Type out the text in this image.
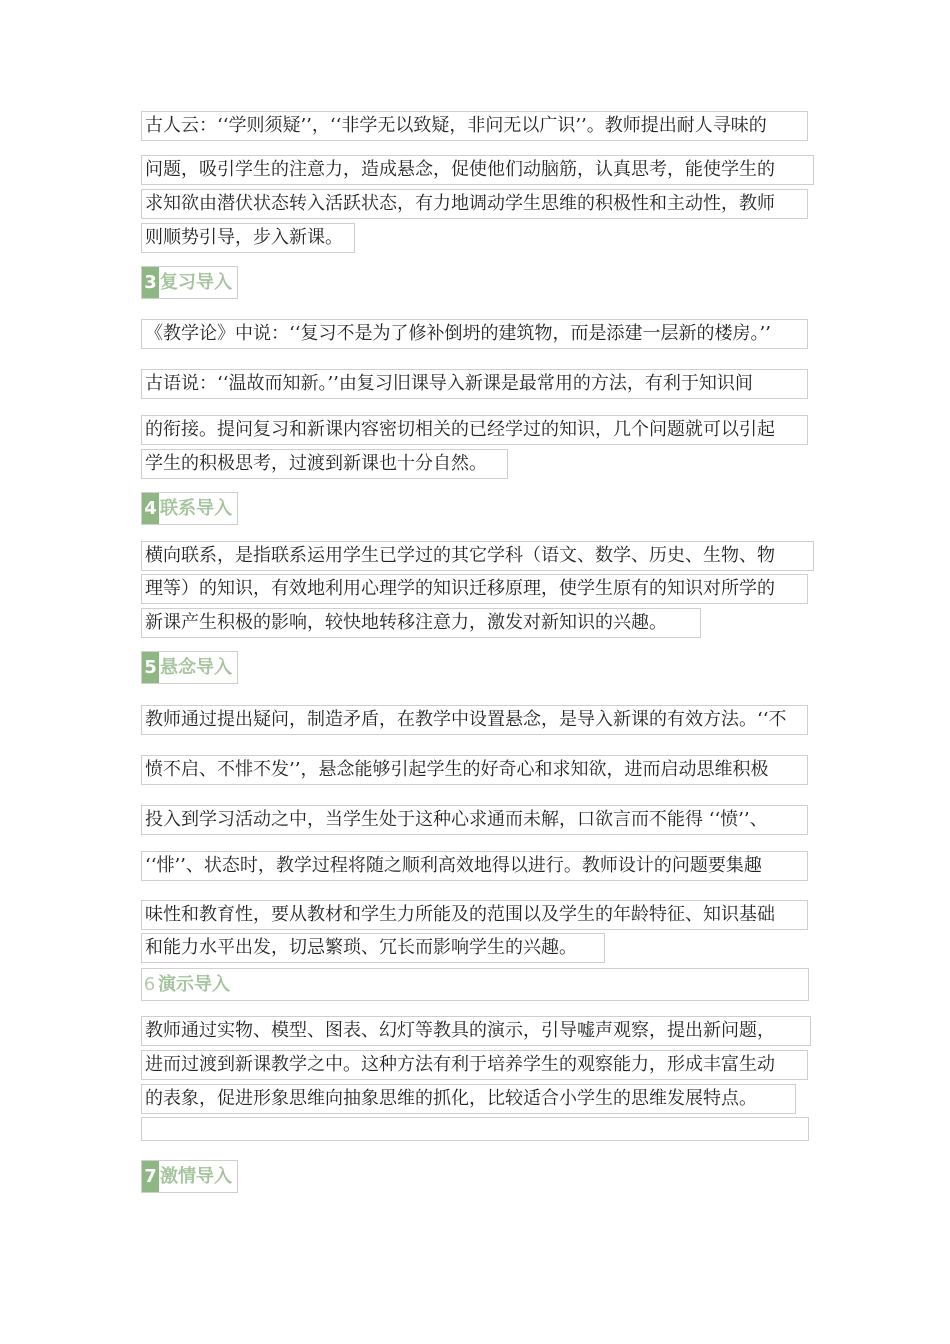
古人云：‘‘学则须疑’’，‘‘非学无以致疑，非问无以广识’’。教师提出耐人寻味的
问题，吸引学生的注意力，造成悬念，促使他们动脑筋，认真思考，能使学生的
求知欲由潜伏状态转入活跃状态，有力地调动学生思维的积极性和主动性，教师
则顺势引导，步入新课。
3 复习导入
《教学论》中说：‘‘复习不是为了修补倒坍的建筑物，而是添建一层新的楼房。’’
古语说：‘‘温故而知新。’’由复习旧课导入新课是最常用的方法，有利于知识间
的衔接。提问复习和新课内容密切相关的已经学过的知识，几个问题就可以引起
学生的积极思考，过渡到新课也十分自然。
4 联系导入
横向联系，是指联系运用学生已学过的其它学科（语文、数学、历史、生物、物
理等）的知识，有效地利用心理学的知识迁移原理，使学生原有的知识对所学的
新课产生积极的影响，较快地转移注意力，激发对新知识的兴趣。
5 悬念导入
教师通过提出疑问，制造矛盾，在教学中设置悬念，是导入新课的有效方法。‘‘不
愤不启、不悱不发’’，悬念能够引起学生的好奇心和求知欲，进而启动思维积极
投入到学习活动之中，当学生处于这种心求通而未解，口欲言而不能得 ‘‘愤’’、
‘‘悱’’、状态时，教学过程将随之顺利高效地得以进行。教师设计的问题要集趣
味性和教育性，要从教材和学生力所能及的范围以及学生的年龄特征、知识基础
和能力水平出发，切忌繁琐、冗长而影响学生的兴趣。
6 演示导入
教师通过实物、模型、图表、幻灯等教具的演示，引导嘘声观察，提出新问题，
进而过渡到新课教学之中。这种方法有利于培养学生的观察能力，形成丰富生动
的表象，促进形象思维向抽象思维的抓化，比较适合小学生的思维发展特点。
7 激情导入
